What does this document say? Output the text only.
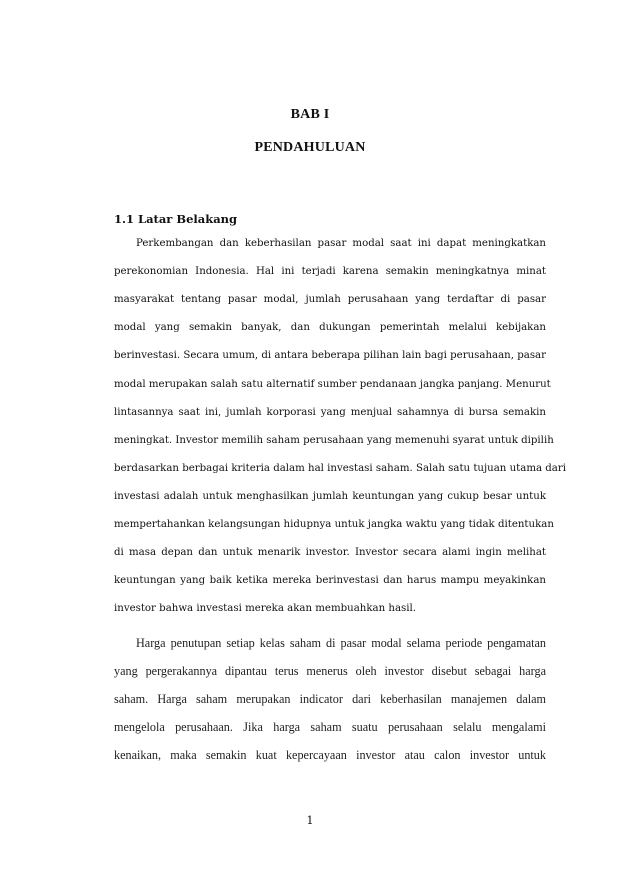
BAB I
PENDAHULUAN
1.1 Latar Belakang
Perkembangan dan keberhasilan pasar modal saat ini dapat meningkatkan
perekonomian Indonesia. Hal ini terjadi karena semakin meningkatnya minat
masyarakat tentang pasar modal, jumlah perusahaan yang terdaftar di pasar
modal yang semakin banyak, dan dukungan pemerintah melalui kebijakan
berinvestasi. Secara umum, di antara beberapa pilihan lain bagi perusahaan, pasar
modal merupakan salah satu alternatif sumber pendanaan jangka panjang. Menurut
lintasannya saat ini, jumlah korporasi yang menjual sahamnya di bursa semakin
meningkat. Investor memilih saham perusahaan yang memenuhi syarat untuk dipilih
berdasarkan berbagai kriteria dalam hal investasi saham. Salah satu tujuan utama dari
investasi adalah untuk menghasilkan jumlah keuntungan yang cukup besar untuk
mempertahankan kelangsungan hidupnya untuk jangka waktu yang tidak ditentukan
di masa depan dan untuk menarik investor. Investor secara alami ingin melihat
keuntungan yang baik ketika mereka berinvestasi dan harus mampu meyakinkan
investor bahwa investasi mereka akan membuahkan hasil.
Harga penutupan setiap kelas saham di pasar modal selama periode pengamatan
yang pergerakannya dipantau terus menerus oleh investor disebut sebagai harga
saham. Harga saham merupakan indicator dari keberhasilan manajemen dalam
mengelola perusahaan. Jika harga saham suatu perusahaan selalu mengalami
kenaikan, maka semakin kuat kepercayaan investor atau calon investor untuk
1
